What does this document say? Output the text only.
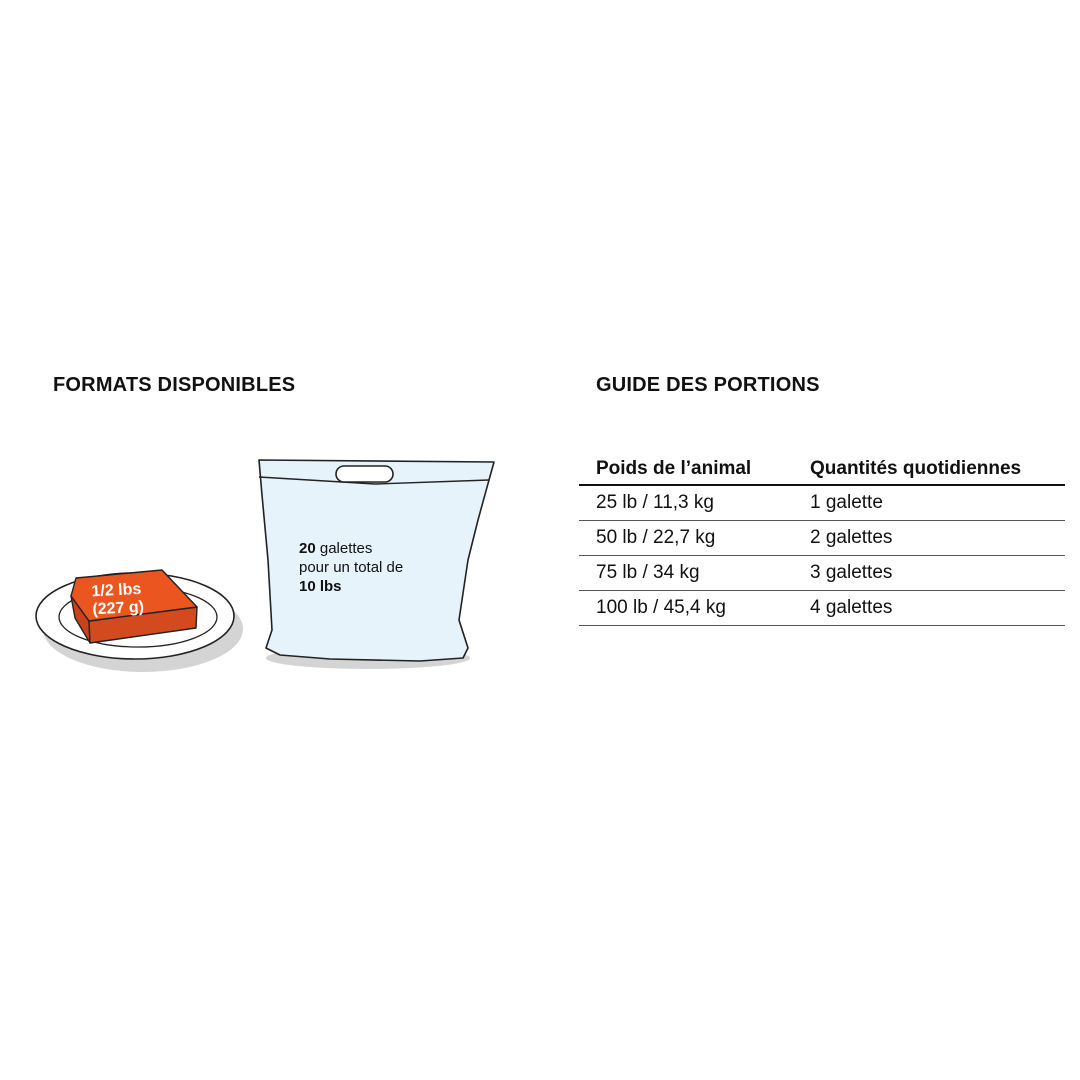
FORMATS DISPONIBLES	GUIDE DES PORTIONS
1/2 lbs
(227 g)
20 galettes
pour un total de
10 lbs
Poids de l’animal	Quantités quotidiennes
25 lb / 11,3 kg	1 galette
50 lb / 22,7 kg	2 galettes
75 lb / 34 kg	3 galettes
100 lb / 45,4 kg	4 galettes
